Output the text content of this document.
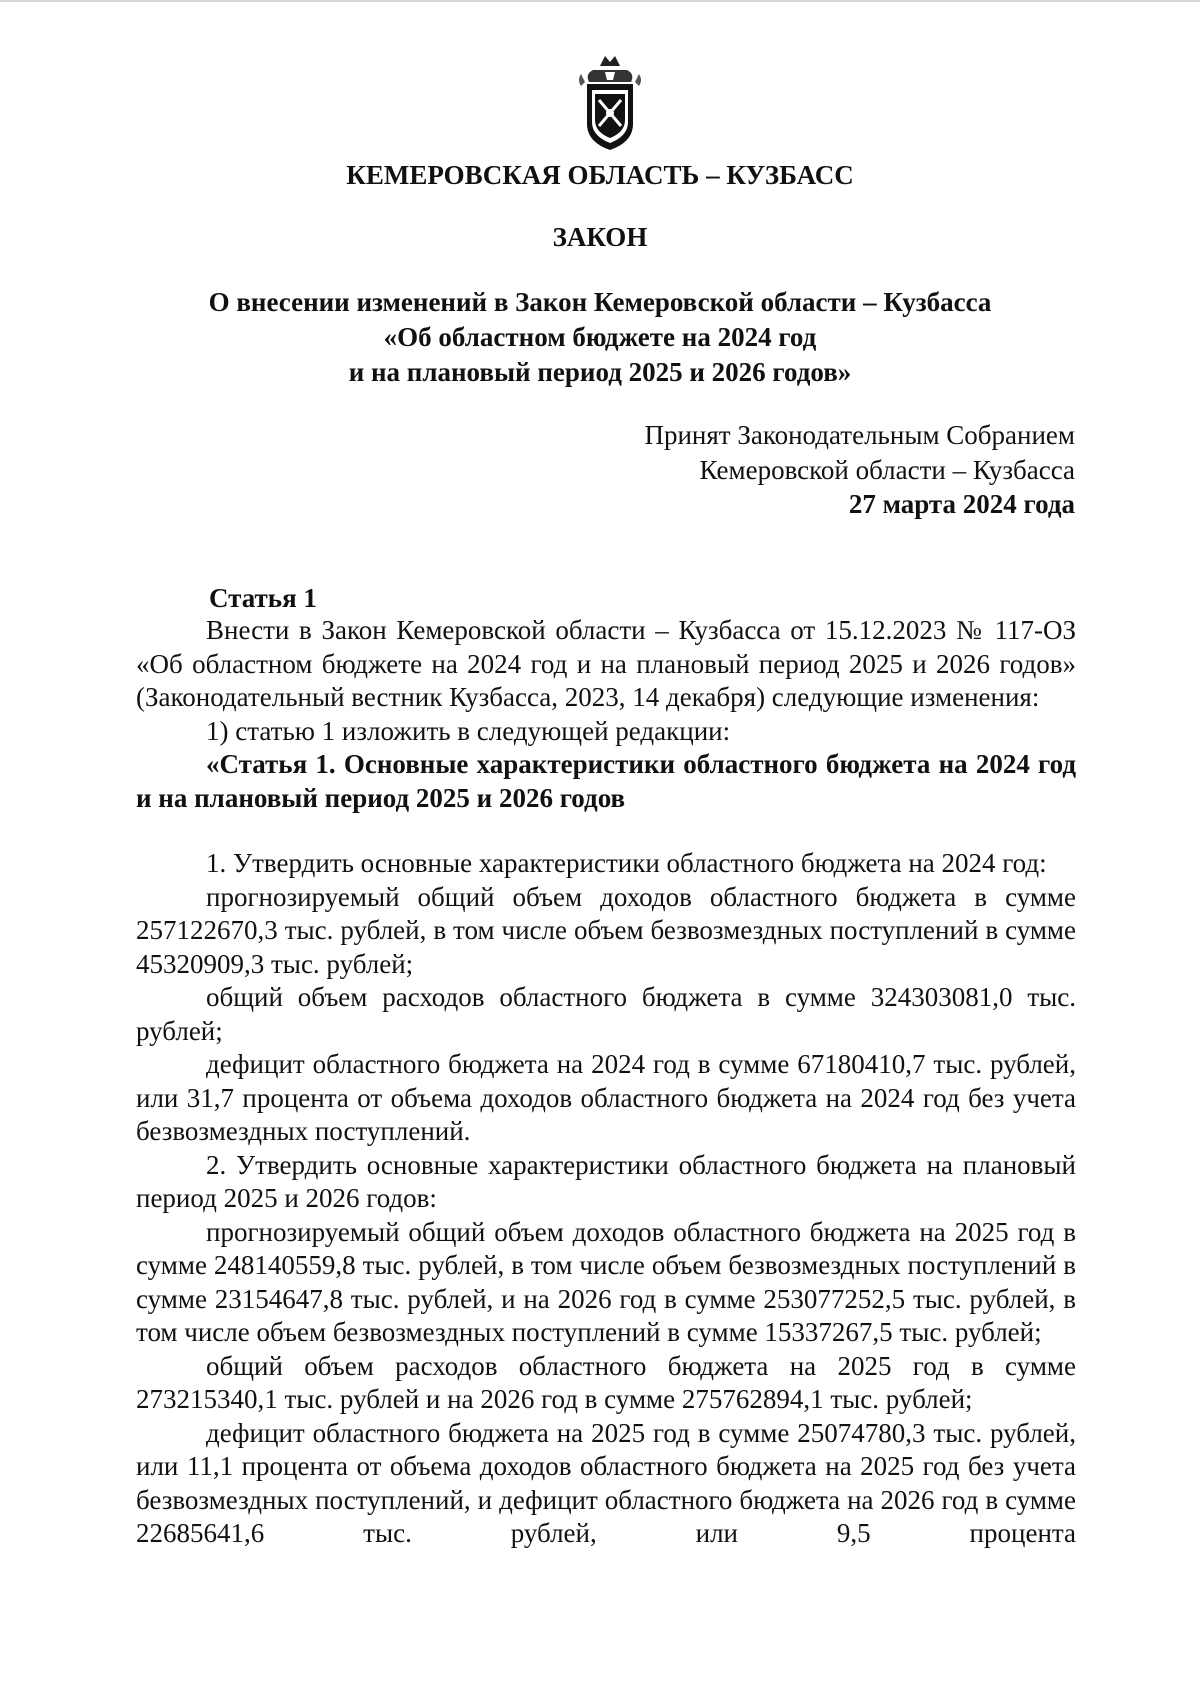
КЕМЕРОВСКАЯ ОБЛАСТЬ – КУЗБАСС
ЗАКОН
О внесении изменений в Закон Кемеровской области – Кузбасса
«Об областном бюджете на 2024 год
и на плановый период 2025 и 2026 годов»
Принят Законодательным Собранием
Кемеровской области – Кузбасса
27 марта 2024 года
Статья 1

Внести в Закон Кемеровской области – Кузбасса от 15.12.2023 № 117-ОЗ «Об областном бюджете на 2024 год и на плановый период 2025 и 2026 годов» (Законодательный вестник Кузбасса, 2023, 14 декабря) следующие изменения:

1) статью 1 изложить в следующей редакции:

«Статья 1. Основные характеристики областного бюджета на 2024 год и на плановый период 2025 и 2026 годов

1. Утвердить основные характеристики областного бюджета на 2024 год:

прогнозируемый общий объем доходов областного бюджета в сумме 257122670,3 тыс. рублей, в том числе объем безвозмездных поступлений в сумме 45320909,3 тыс. рублей;

общий объем расходов областного бюджета в сумме 324303081,0 тыс. рублей;

дефицит областного бюджета на 2024 год в сумме 67180410,7 тыс. рублей, или 31,7 процента от объема доходов областного бюджета на 2024 год без учета безвозмездных поступлений.

2. Утвердить основные характеристики областного бюджета на плановый период 2025 и 2026 годов:

прогнозируемый общий объем доходов областного бюджета на 2025 год в сумме 248140559,8 тыс. рублей, в том числе объем безвозмездных поступлений в сумме 23154647,8 тыс. рублей, и на 2026 год в сумме 253077252,5 тыс. рублей, в том числе объем безвозмездных поступлений в сумме 15337267,5 тыс. рублей;

общий объем расходов областного бюджета на 2025 год в сумме 273215340,1 тыс. рублей и на 2026 год в сумме 275762894,1 тыс. рублей;

дефицит областного бюджета на 2025 год в сумме 25074780,3 тыс. рублей, или 11,1 процента от объема доходов областного бюджета на 2025 год без учета безвозмездных поступлений, и дефицит областного бюджета на 2026 год в сумме 22685641,6 тыс. рублей, или 9,5 процента
